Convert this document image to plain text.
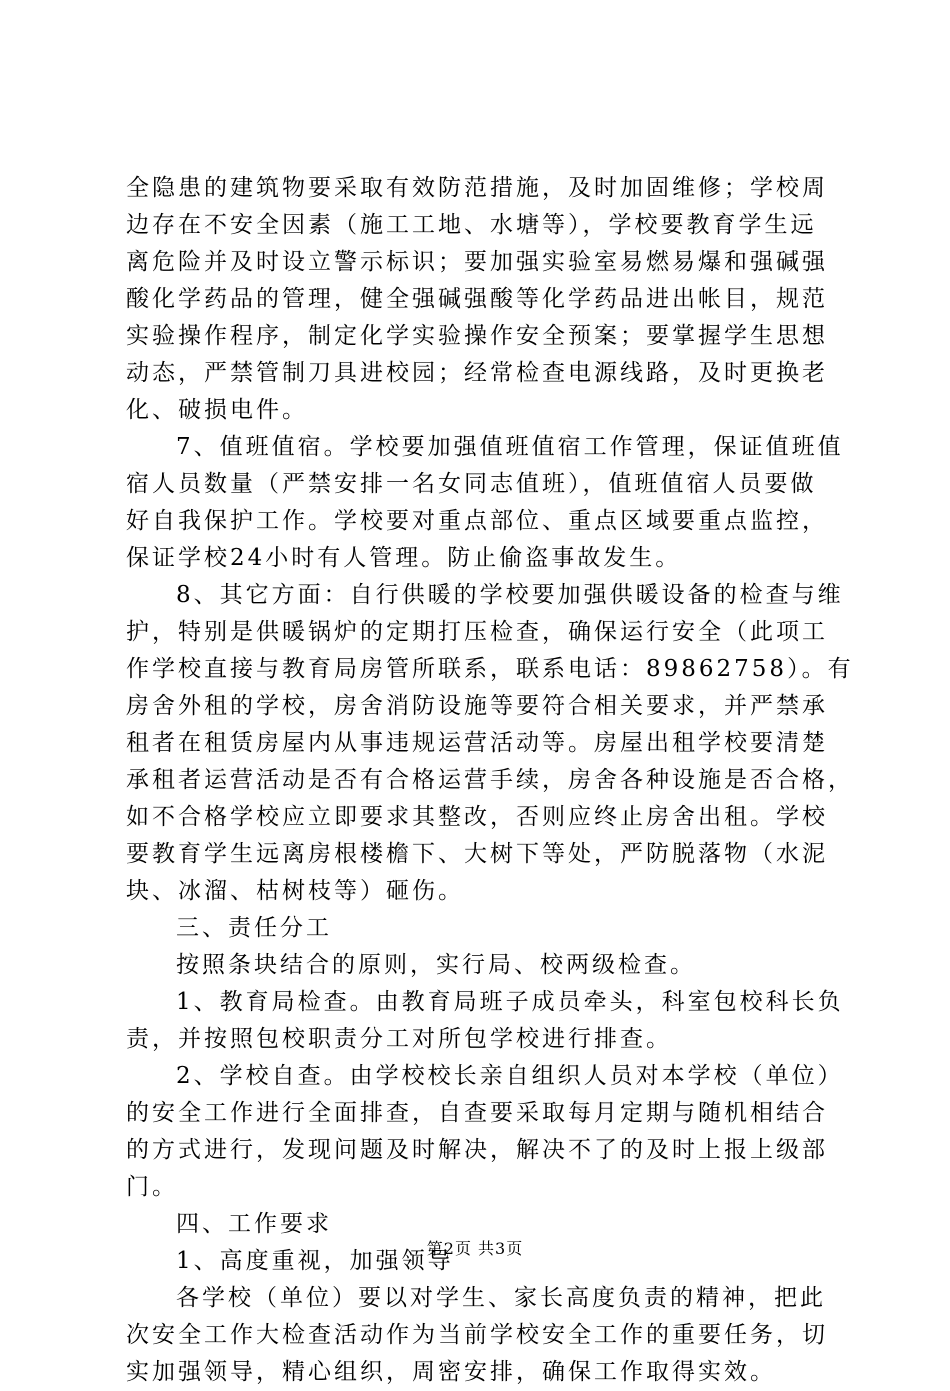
全隐患的建筑物要采取有效防范措施，及时加固维修；学校周
边存在不安全因素（施工工地、水塘等），学校要教育学生远
离危险并及时设立警示标识；要加强实验室易燃易爆和强碱强
酸化学药品的管理，健全强碱强酸等化学药品进出帐目，规范
实验操作程序，制定化学实验操作安全预案；要掌握学生思想
动态，严禁管制刀具进校园；经常检查电源线路，及时更换老
化、破损电件。
7、值班值宿。学校要加强值班值宿工作管理，保证值班值
宿人员数量（严禁安排一名女同志值班），值班值宿人员要做
好自我保护工作。学校要对重点部位、重点区域要重点监控，
保证学校24小时有人管理。防止偷盗事故发生。
8、其它方面：自行供暖的学校要加强供暖设备的检查与维
护，特别是供暖锅炉的定期打压检查，确保运行安全（此项工
作学校直接与教育局房管所联系，联系电话：89862758）。有
房舍外租的学校，房舍消防设施等要符合相关要求，并严禁承
租者在租赁房屋内从事违规运营活动等。房屋出租学校要清楚
承租者运营活动是否有合格运营手续，房舍各种设施是否合格，
如不合格学校应立即要求其整改，否则应终止房舍出租。学校
要教育学生远离房根楼檐下、大树下等处，严防脱落物（水泥
块、冰溜、枯树枝等）砸伤。
三、责任分工
按照条块结合的原则，实行局、校两级检查。
1、教育局检查。由教育局班子成员牵头，科室包校科长负
责，并按照包校职责分工对所包学校进行排查。
2、学校自查。由学校校长亲自组织人员对本学校（单位）
的安全工作进行全面排查，自查要采取每月定期与随机相结合
的方式进行，发现问题及时解决，解决不了的及时上报上级部
门。
四、工作要求
1、高度重视，加强领导
各学校（单位）要以对学生、家长高度负责的精神，把此
次安全工作大检查活动作为当前学校安全工作的重要任务，切
实加强领导，精心组织，周密安排，确保工作取得实效。
第2页 共3页
